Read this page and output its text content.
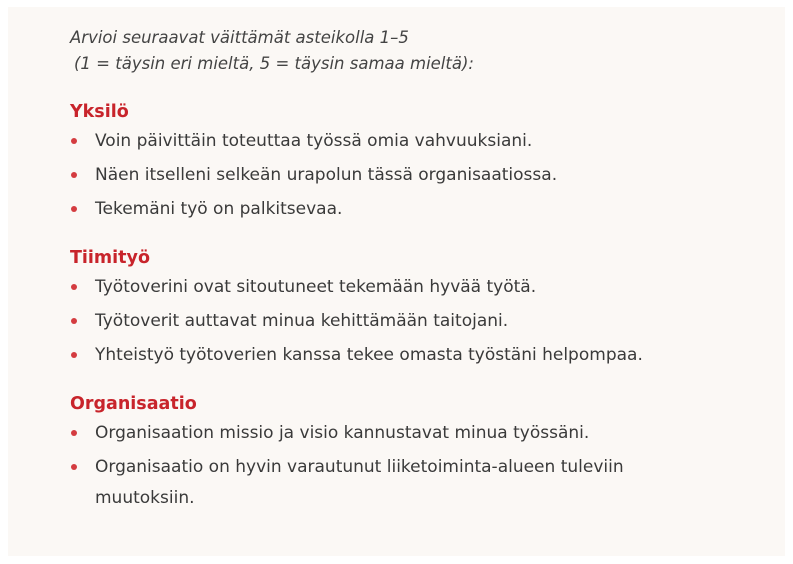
Arvioi seuraavat väittämät asteikolla 1–5
(1 = täysin eri mieltä, 5 = täysin samaa mieltä):

Yksilö
Voin päivittäin toteuttaa työssä omia vahvuuksiani.
Näen itselleni selkeän urapolun tässä organisaatiossa.
Tekemäni työ on palkitsevaa.
Tiimityö
Työtoverini ovat sitoutuneet tekemään hyvää työtä.
Työtoverit auttavat minua kehittämään taitojani.
Yhteistyö työtoverien kanssa tekee omasta työstäni helpompaa.
Organisaatio
Organisaation missio ja visio kannustavat minua työssäni.
Organisaatio on hyvin varautunut liiketoiminta-alueen tuleviin muutoksiin.
